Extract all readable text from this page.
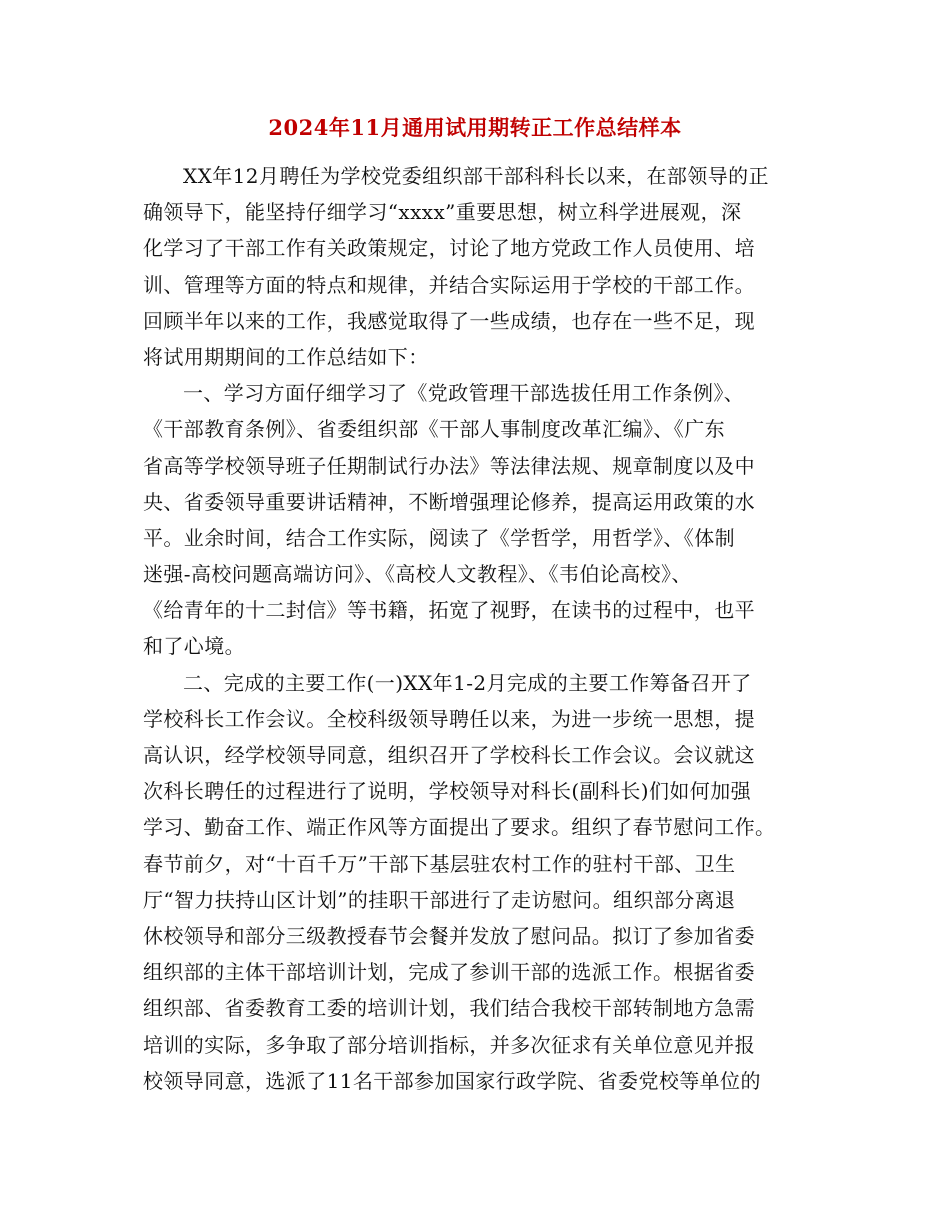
2024年11月通用试用期转正工作总结样本
XX年12月聘任为学校党委组织部干部科科长以来，在部领导的正
确领导下，能坚持仔细学习“xxxx”重要思想，树立科学进展观，深
化学习了干部工作有关政策规定，讨论了地方党政工作人员使用、培
训、管理等方面的特点和规律，并结合实际运用于学校的干部工作。
回顾半年以来的工作，我感觉取得了一些成绩，也存在一些不足，现
将试用期期间的工作总结如下：
一、学习方面仔细学习了《党政管理干部选拔任用工作条例》、
《干部教育条例》、省委组织部《干部人事制度改革汇编》、《广东
省高等学校领导班子任期制试行办法》等法律法规、规章制度以及中
央、省委领导重要讲话精神，不断增强理论修养，提高运用政策的水
平。业余时间，结合工作实际，阅读了《学哲学，用哲学》、《体制
迷强-高校问题高端访问》、《高校人文教程》、《韦伯论高校》、
《给青年的十二封信》等书籍，拓宽了视野，在读书的过程中，也平
和了心境。
二、完成的主要工作(一)XX年1-2月完成的主要工作筹备召开了
学校科长工作会议。全校科级领导聘任以来，为进一步统一思想，提
高认识，经学校领导同意，组织召开了学校科长工作会议。会议就这
次科长聘任的过程进行了说明，学校领导对科长(副科长)们如何加强
学习、勤奋工作、端正作风等方面提出了要求。组织了春节慰问工作。
春节前夕，对“十百千万”干部下基层驻农村工作的驻村干部、卫生
厅“智力扶持山区计划”的挂职干部进行了走访慰问。组织部分离退
休校领导和部分三级教授春节会餐并发放了慰问品。拟订了参加省委
组织部的主体干部培训计划，完成了参训干部的选派工作。根据省委
组织部、省委教育工委的培训计划，我们结合我校干部转制地方急需
培训的实际，多争取了部分培训指标，并多次征求有关单位意见并报
校领导同意，选派了11名干部参加国家行政学院、省委党校等单位的
